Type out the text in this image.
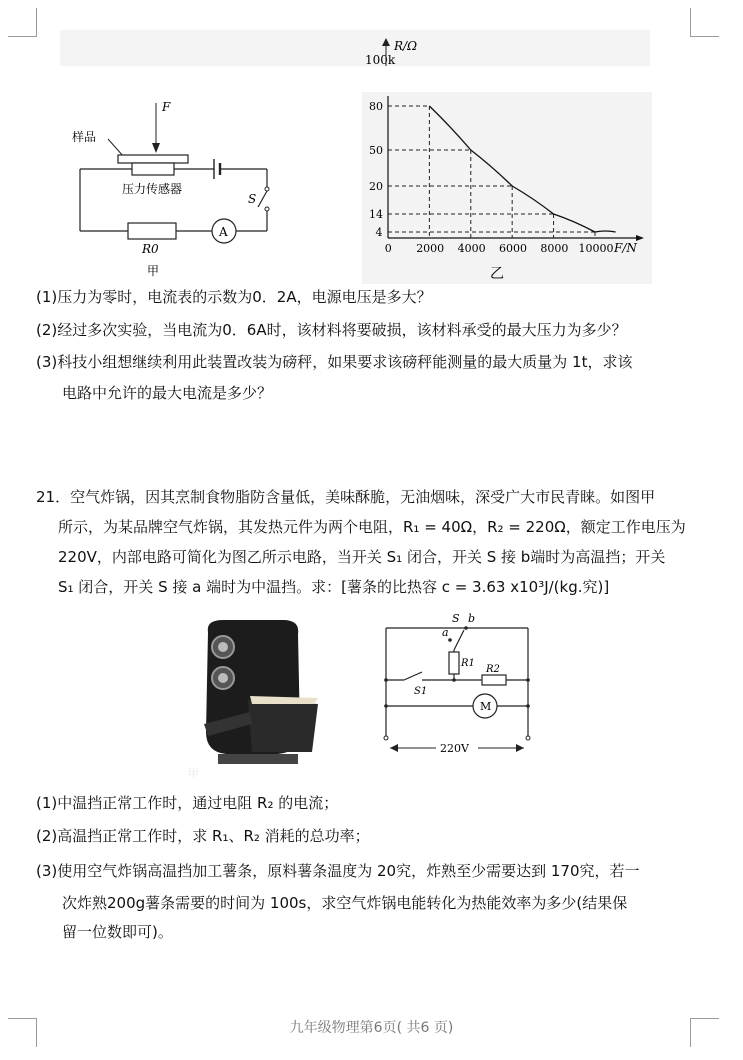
100k
R/Ω
F
样品
压力传感器
S
A
R0
甲
0 2000 4000 6000 8000 10000
4
14
20
50
80
F/N
乙
(1)压力为零时，电流表的示数为0．2A，电源电压是多大？
(2)经过多次实验，当电流为0．6A时，该材料将要破损，该材料承受的最大压力为多少？
(3)科技小组想继续利用此装置改装为磅秤，如果要求该磅秤能测量的最大质量为 1t，求该
电路中允许的最大电流是多少？
21．空气炸锅，因其烹制食物脂防含量低，美味酥脆，无油烟味，深受广大市民青睐。如图甲
所示，为某品牌空气炸锅，其发热元件为两个电阻，R₁ = 40Ω，R₂ = 220Ω，额定工作电压为
220V，内部电路可简化为图乙所示电路，当开关 S₁ 闭合，开关 S 接 b端时为高温挡；开关
S₁ 闭合，开关 S 接 a 端时为中温挡。求：[薯条的比热容 c = 3.63 x10³J/(kg.究)]
甲
S
a
b
R1
S1
R2
M
220V
(1)中温挡正常工作时，通过电阻 R₂ 的电流；
(2)高温挡正常工作时，求 R₁、R₂ 消耗的总功率；
(3)使用空气炸锅高温挡加工薯条，原料薯条温度为 20究，炸熟至少需要达到 170究，若一
次炸熟200g薯条需要的时间为 100s，求空气炸锅电能转化为热能效率为多少(结果保
留一位数即可)。
九年级物理第6页( 共6 页)
